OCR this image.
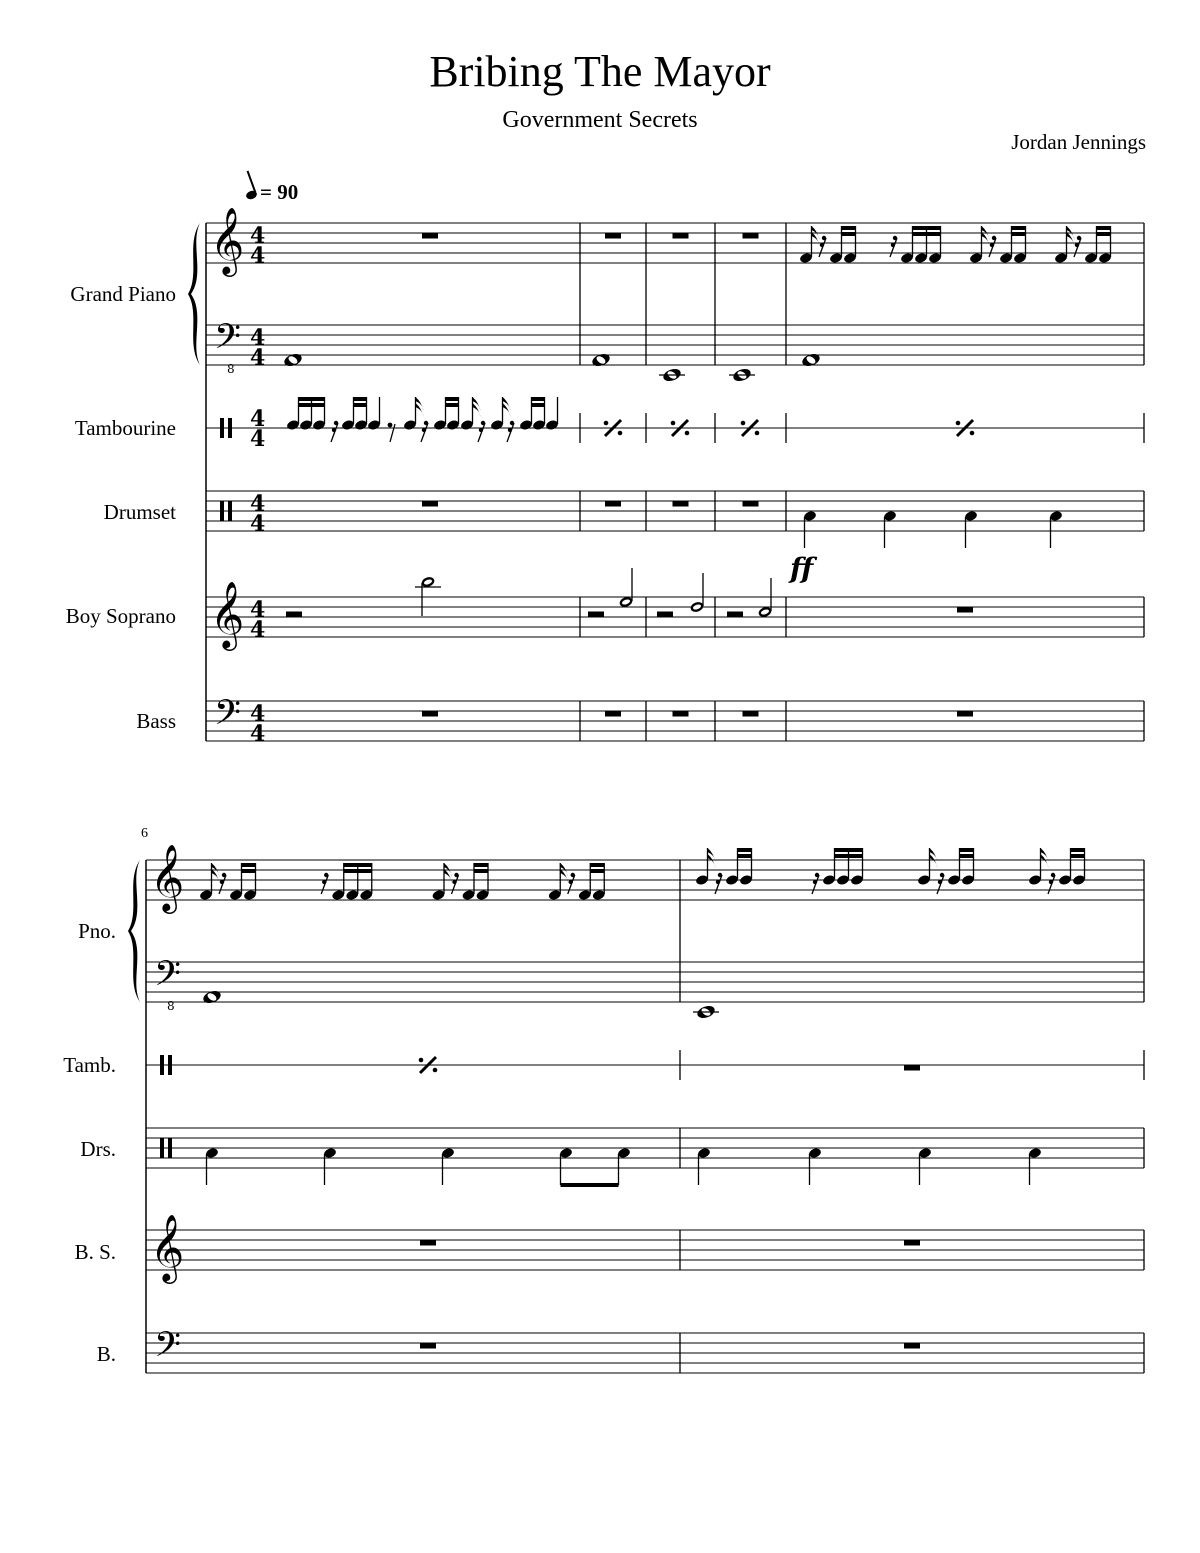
Bribing The Mayor
Government Secrets
Jordan Jennings
= 90
Grand Piano
Tambourine
Drumset
Boy Soprano
Bass
Pno.
Tamb.
Drs.
B. S.
B.
6
𝄞 4
4
𝄢
8
4
4
4
4
4
4
𝄞 4
4
𝄢 4
4
ff
𝄞
𝄢
8
𝄞
𝄢
